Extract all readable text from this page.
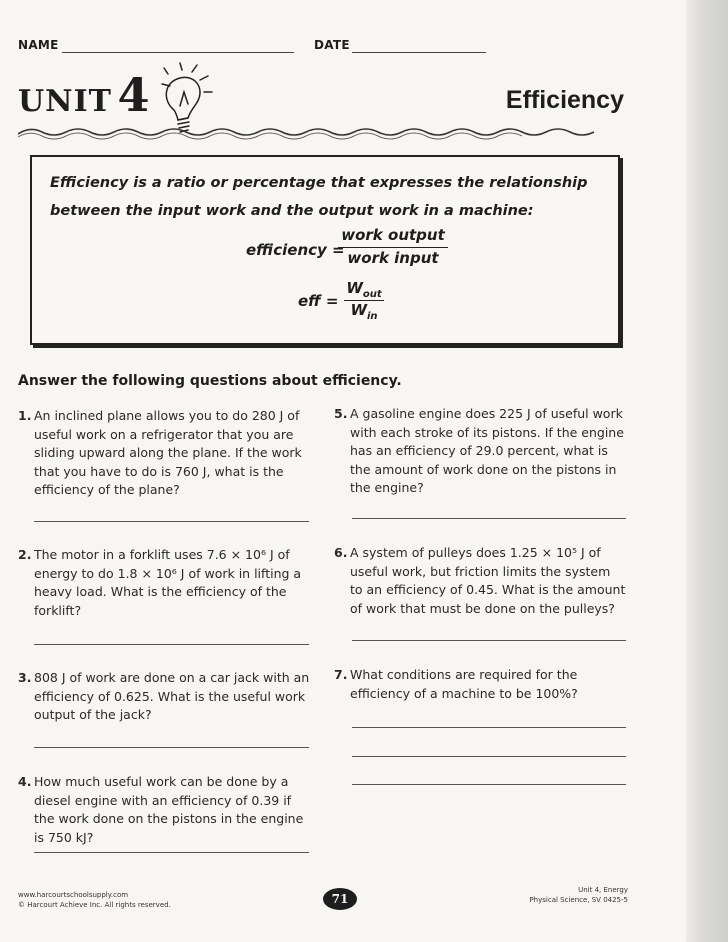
NAME	DATE
UNIT 4	Efficiency
Efficiency is a ratio or percentage that expresses the relationship between the input work and the output work in a machine:
efficiency =
work output
work input
eff =
$W_{out}$
$W_{in}$
Answer the following questions about efficiency.
1. An inclined plane allows you to do 280 J of useful work on a refrigerator that you are sliding upward along the plane. If the work that you have to do is 760 J, what is the efficiency of the plane?
2. The motor in a forklift uses 7.6 × 10⁶ J of energy to do 1.8 × 10⁶ J of work in lifting a heavy load. What is the efficiency of the forklift?
3. 808 J of work are done on a car jack with an efficiency of 0.625. What is the useful work output of the jack?
4. How much useful work can be done by a diesel engine with an efficiency of 0.39 if the work done on the pistons in the engine is 750 kJ?
5. A gasoline engine does 225 J of useful work with each stroke of its pistons. If the engine has an efficiency of 29.0 percent, what is the amount of work done on the pistons in the engine?
6. A system of pulleys does 1.25 × 10⁵ J of useful work, but friction limits the system to an efficiency of 0.45. What is the amount of work that must be done on the pulleys?
7. What conditions are required for the efficiency of a machine to be 100%?
www.harcourtschoolsupply.com
© Harcourt Achieve Inc. All rights reserved.	71
Unit 4, Energy
Physical Science, SV 0425-5
